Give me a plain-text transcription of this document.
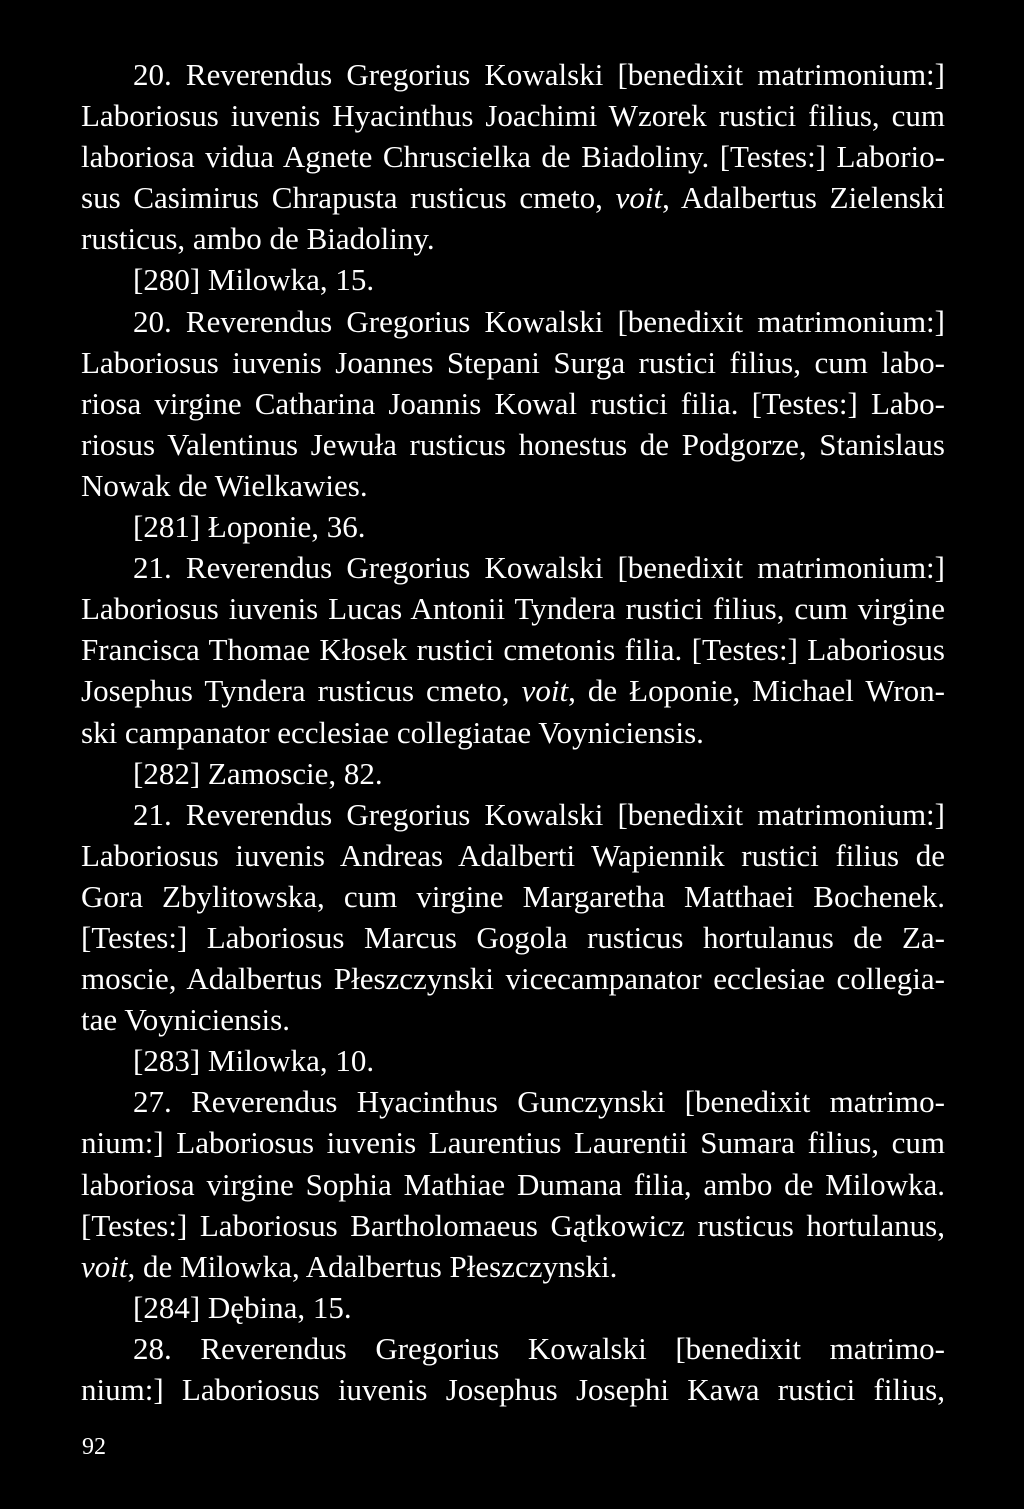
20. Reverendus Gregorius Kowalski [benedixit matrimonium:]
Laboriosus iuvenis Hyacinthus Joachimi Wzorek rustici filius, cum
laboriosa vidua Agnete Chruscielka de Biadoliny. [Testes:] Laborio-
sus Casimirus Chrapusta rusticus cmeto, voit, Adalbertus Zielenski
rusticus, ambo de Biadoliny.
[280] Milowka, 15.
20. Reverendus Gregorius Kowalski [benedixit matrimonium:]
Laboriosus iuvenis Joannes Stepani Surga rustici filius, cum labo-
riosa virgine Catharina Joannis Kowal rustici filia. [Testes:] Labo-
riosus Valentinus Jewuła rusticus honestus de Podgorze, Stanislaus
Nowak de Wielkawies.
[281] Łoponie, 36.
21. Reverendus Gregorius Kowalski [benedixit matrimonium:]
Laboriosus iuvenis Lucas Antonii Tyndera rustici filius, cum virgine
Francisca Thomae Kłosek rustici cmetonis filia. [Testes:] Laboriosus
Josephus Tyndera rusticus cmeto, voit, de Łoponie, Michael Wron-
ski campanator ecclesiae collegiatae Voyniciensis.
[282] Zamoscie, 82.
21. Reverendus Gregorius Kowalski [benedixit matrimonium:]
Laboriosus iuvenis Andreas Adalberti Wapiennik rustici filius de
Gora Zbylitowska, cum virgine Margaretha Matthaei Bochenek.
[Testes:] Laboriosus Marcus Gogola rusticus hortulanus de Za-
moscie, Adalbertus Płeszczynski vicecampanator ecclesiae collegia-
tae Voyniciensis.
[283] Milowka, 10.
27. Reverendus Hyacinthus Gunczynski [benedixit matrimo-
nium:] Laboriosus iuvenis Laurentius Laurentii Sumara filius, cum
laboriosa virgine Sophia Mathiae Dumana filia, ambo de Milowka.
[Testes:] Laboriosus Bartholomaeus Gątkowicz rusticus hortulanus,
voit, de Milowka, Adalbertus Płeszczynski.
[284] Dębina, 15.
28. Reverendus Gregorius Kowalski [benedixit matrimo-
nium:] Laboriosus iuvenis Josephus Josephi Kawa rustici filius,
92
